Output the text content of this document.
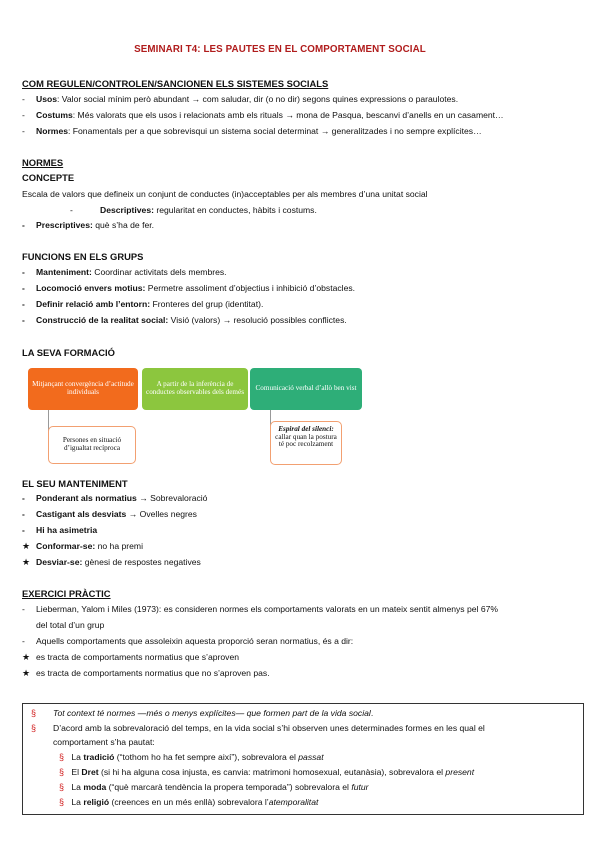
SEMINARI T4: LES PAUTES EN EL COMPORTAMENT SOCIAL
COM REGULEN/CONTROLEN/SANCIONEN ELS SISTEMES SOCIALS
- Usos: Valor social mínim però abundant → com saludar, dir (o no dir) segons quines expressions o paraulotes.
- Costums: Més valorats que els usos i relacionats amb els rituals → mona de Pasqua, bescanvi d’anells en un casament…
- Normes: Fonamentals per a que sobrevisqui un sistema social determinat → generalitzades i no sempre explícites…
NORMES
CONCEPTE
Escala de valors que defineix un conjunt de conductes (in)acceptables per als membres d’una unitat social
-	Descriptives: regularitat en conductes, hàbits i costums.
- Prescriptives: què s’ha de fer.
FUNCIONS EN ELS GRUPS
- Manteniment: Coordinar activitats dels membres.
- Locomoció envers motius: Permetre assoliment d’objectius i inhibició d’obstacles.
- Definir relació amb l’entorn: Fronteres del grup (identitat).
- Construcció de la realitat social: Visió (valors) → resolució possibles conflictes.
LA SEVA FORMACIÓ
Mitjançant convergència d’actitude individuals
A partir de la inferència de conductes observables dels demés	Comunicació verbal d’allò ben vist
Persones en situació d’igualtat recíproca
Espiral del silenci: callar quan la postura té poc recolzament
EL SEU MANTENIMENT
- Ponderant als normatius → Sobrevaloració
- Castigant als desviats → Ovelles negres
- Hi ha asimetria
★ Conformar-se: no ha premi
★ Desviar-se: gènesi de respostes negatives
EXERCICI PRÀCTIC
- Lieberman, Yalom i Miles (1973): es consideren normes els comportaments valorats en un mateix sentit almenys pel 67%
del total d’un grup
- Aquells comportaments que assoleixin aquesta proporció seran normatius, és a dir:
★ es tracta de comportaments normatius que s’aproven
★ es tracta de comportaments normatius que no s’aproven pas.
§ Tot context té normes —més o menys explícites— que formen part de la vida social.
§ D’acord amb la sobrevaloració del temps, en la vida social s’hi observen unes determinades formes en les qual el
comportament s’ha pautat:
§ La tradició (“tothom ho ha fet sempre així”), sobrevalora el passat
§ El Dret (si hi ha alguna cosa injusta, es canvia: matrimoni homosexual, eutanàsia), sobrevalora el present
§ La moda (“què marcarà tendència la propera temporada”) sobrevalora el futur
§ La religió (creences en un més enllà) sobrevalora l’atemporalitat
